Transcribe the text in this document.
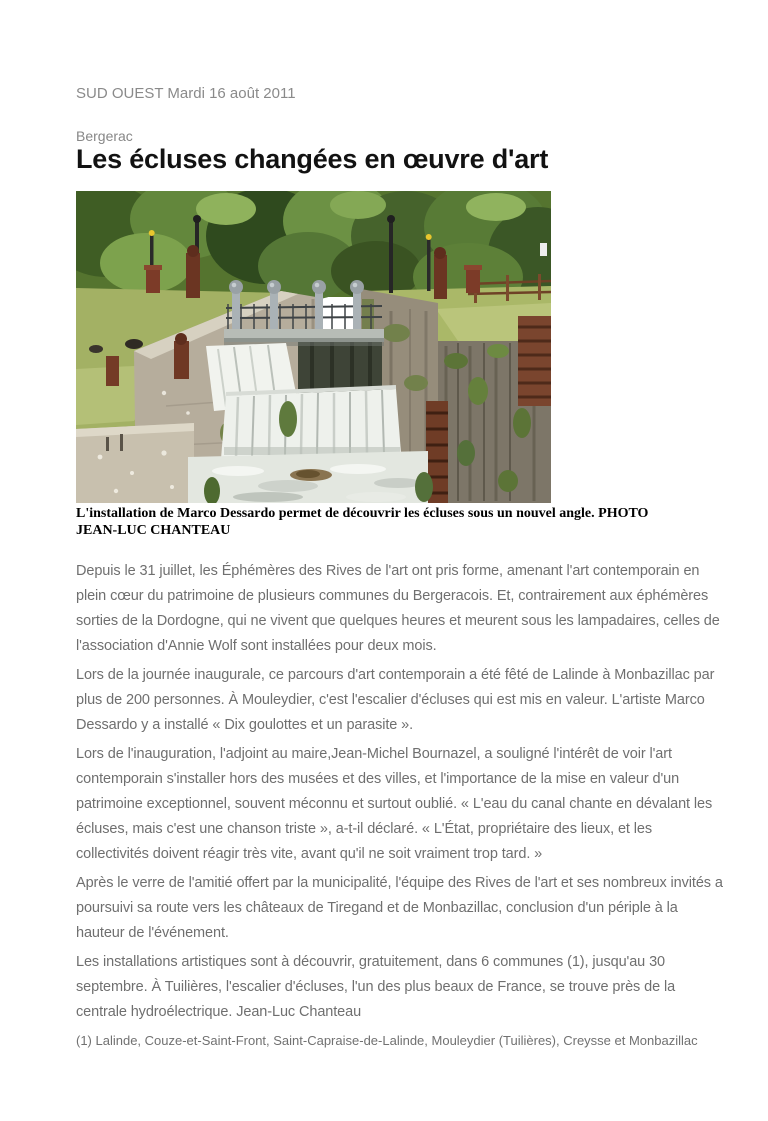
SUD OUEST Mardi 16 août 2011
Bergerac
Les écluses changées en œuvre d'art
L'installation de Marco Dessardo permet de découvrir les écluses sous un nouvel angle. PHOTO JEAN-LUC CHANTEAU

Depuis le 31 juillet, les Éphémères des Rives de l'art ont pris forme, amenant l'art contemporain en plein cœur du patrimoine de plusieurs communes du Bergeracois. Et, contrairement aux éphémères sorties de la Dordogne, qui ne vivent que quelques heures et meurent sous les lampadaires, celles de l'association d'Annie Wolf sont installées pour deux mois.

Lors de la journée inaugurale, ce parcours d'art contemporain a été fêté de Lalinde à Monbazillac par plus de 200 personnes. À Mouleydier, c'est l'escalier d'écluses qui est mis en valeur. L'artiste Marco Dessardo y a installé « Dix goulottes et un parasite ».

Lors de l'inauguration, l'adjoint au maire,Jean-Michel Bournazel, a souligné l'intérêt de voir l'art contemporain s'installer hors des musées et des villes, et l'importance de la mise en valeur d'un patrimoine exceptionnel, souvent méconnu et surtout oublié. « L'eau du canal chante en dévalant les écluses, mais c'est une chanson triste », a-t-il déclaré. « L'État, propriétaire des lieux, et les collectivités doivent réagir très vite, avant qu'il ne soit vraiment trop tard. »

Après le verre de l'amitié offert par la municipalité, l'équipe des Rives de l'art et ses nombreux invités a poursuivi sa route vers les châteaux de Tiregand et de Monbazillac, conclusion d'un périple à la hauteur de l'événement.

Les installations artistiques sont à découvrir, gratuitement, dans 6 communes (1), jusqu'au 30 septembre. À Tuilières, l'escalier d'écluses, l'un des plus beaux de France, se trouve près de la centrale hydroélectrique. Jean-Luc Chanteau

(1) Lalinde, Couze-et-Saint-Front, Saint-Capraise-de-Lalinde, Mouleydier (Tuilières), Creysse et Monbazillac
